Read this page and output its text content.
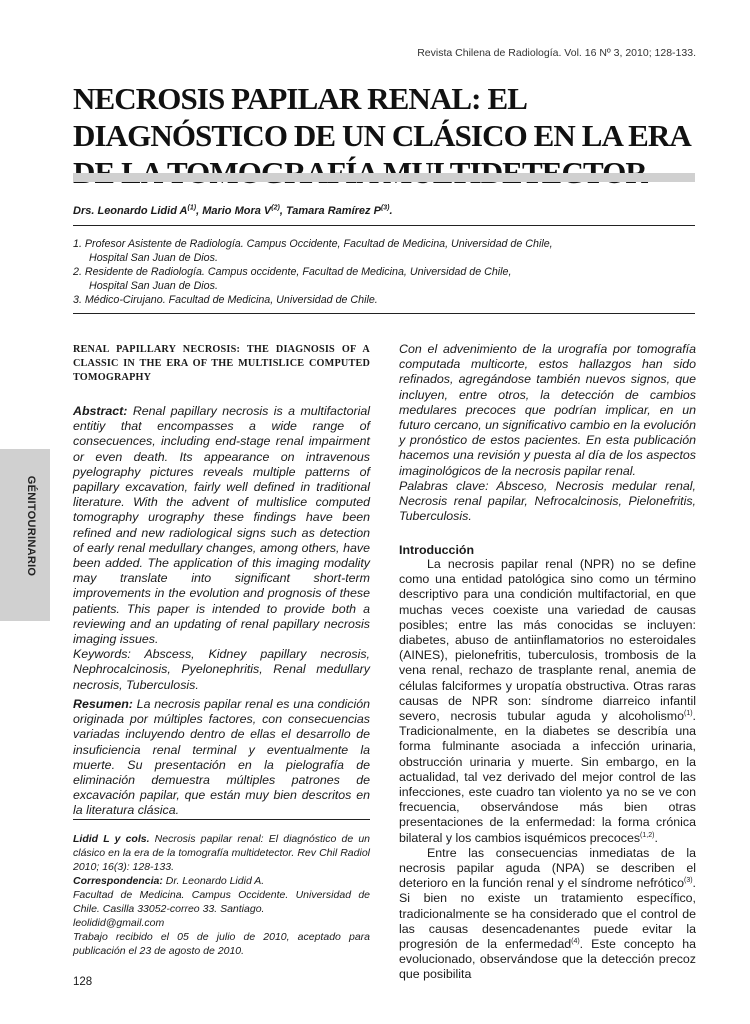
Revista Chilena de Radiología. Vol. 16 Nº 3, 2010; 128-133.
NECROSIS PAPILAR RENAL: EL DIAGNÓSTICO DE UN CLÁSICO EN LA ERA
Drs. Leonardo Lidid $A^{(1)}$, Mario Mora $V^{(2)}$, Tamara Ramírez $P^{(3)}$.
1. Profesor Asistente de Radiología. Campus Occidente, Facultad de Medicina, Universidad de Chile,
Hospital San Juan de Dios.
2. Residente de Radiología. Campus occidente, Facultad de Medicina, Universidad de Chile,
Hospital San Juan de Dios.
3. Médico-Cirujano. Facultad de Medicina, Universidad de Chile.
GÉNITOURINARIO
RENAL PAPILLARY NECROSIS: THE DIAGNOSIS OF A CLASSIC IN THE ERA OF THE MULTISLICE COMPUTED TOMOGRAPHY
Abstract: Renal papillary necrosis is a multifactorial entitiy that encompasses a wide range of consecuences, including end-stage renal impairment or even death. Its appearance on intravenous pyelography pictures reveals multiple patterns of papillary excavation, fairly well defined in traditional literature. With the advent of multislice computed tomography urography these findings have been refined and new radiological signs such as detection of early renal medullary changes, among others, have been added. The application of this imaging modality may translate into significant short-term improvements in the evolution and prognosis of these patients. This paper is intended to provide both a reviewing and an updating of renal papillary necrosis imaging issues.
Keywords: Abscess, Kidney papillary necrosis, Nephrocalcinosis, Pyelonephritis, Renal medullary necrosis, Tuberculosis.
Resumen: La necrosis papilar renal es una condición originada por múltiples factores, con consecuencias variadas incluyendo dentro de ellas el desarrollo de insuficiencia renal terminal y eventualmente la muerte. Su presentación en la pielografía de eliminación demuestra múltiples patrones de excavación papilar, que están muy bien descritos en la literatura clásica.

Lidid L y cols. Necrosis papilar renal: El diagnóstico de un clásico en la era de la tomografía multidetector. Rev Chil Radiol 2010; 16(3): 128-133.

Correspondencia: Dr. Leonardo Lidid A.

Facultad de Medicina. Campus Occidente. Universidad de Chile. Casilla 33052-correo 33. Santiago.

leolidid@gmail.com

Trabajo recibido el 05 de julio de 2010, aceptado para publicación el 23 de agosto de 2010.

Con el advenimiento de la urografía por tomografía computada multicorte, estos hallazgos han sido refinados, agregándose también nuevos signos, que incluyen, entre otros, la detección de cambios medulares precoces que podrían implicar, en un futuro cercano, un significativo cambio en la evolución y pronóstico de estos pacientes. En esta publicación hacemos una revisión y puesta al día de los aspectos imaginológicos de la necrosis papilar renal.
Palabras clave: Absceso, Necrosis medular renal, Necrosis renal papilar, Nefrocalcinosis, Pielonefritis, Tuberculosis.
Introducción

La necrosis papilar renal (NPR) no se define como una entidad patológica sino como un término descriptivo para una condición multifactorial, en que muchas veces coexiste una variedad de causas posibles; entre las más conocidas se incluyen: diabetes, abuso de antiinflamatorios no esteroidales (AINES), pielonefritis, tuberculosis, trombosis de la vena renal, rechazo de trasplante renal, anemia de células falciformes y uropatía obstructiva. Otras raras causas de NPR son: síndrome diarreico infantil severo, necrosis tubular aguda y alcoholismo$^{(1)}$. Tradicionalmente, en la diabetes se describía una forma fulminante asociada a infección urinaria, obstrucción urinaria y muerte. Sin embargo, en la actualidad, tal vez derivado del mejor control de las infecciones, este cuadro tan violento ya no se ve con frecuencia, observándose más bien otras presentaciones de la enfermedad: la forma crónica bilateral y los cambios isquémicos precoces$^{(1,2)}$.

Entre las consecuencias inmediatas de la necrosis papilar aguda (NPA) se describen el deterioro en la función renal y el síndrome nefrótico$^{(3)}$. Si bien no existe un tratamiento específico, tradicionalmente se ha considerado que el control de las causas desencadenantes puede evitar la progresión de la enfermedad$^{(4)}$. Este concepto ha evolucionado, observándose que la detección precoz que posibilita

128
